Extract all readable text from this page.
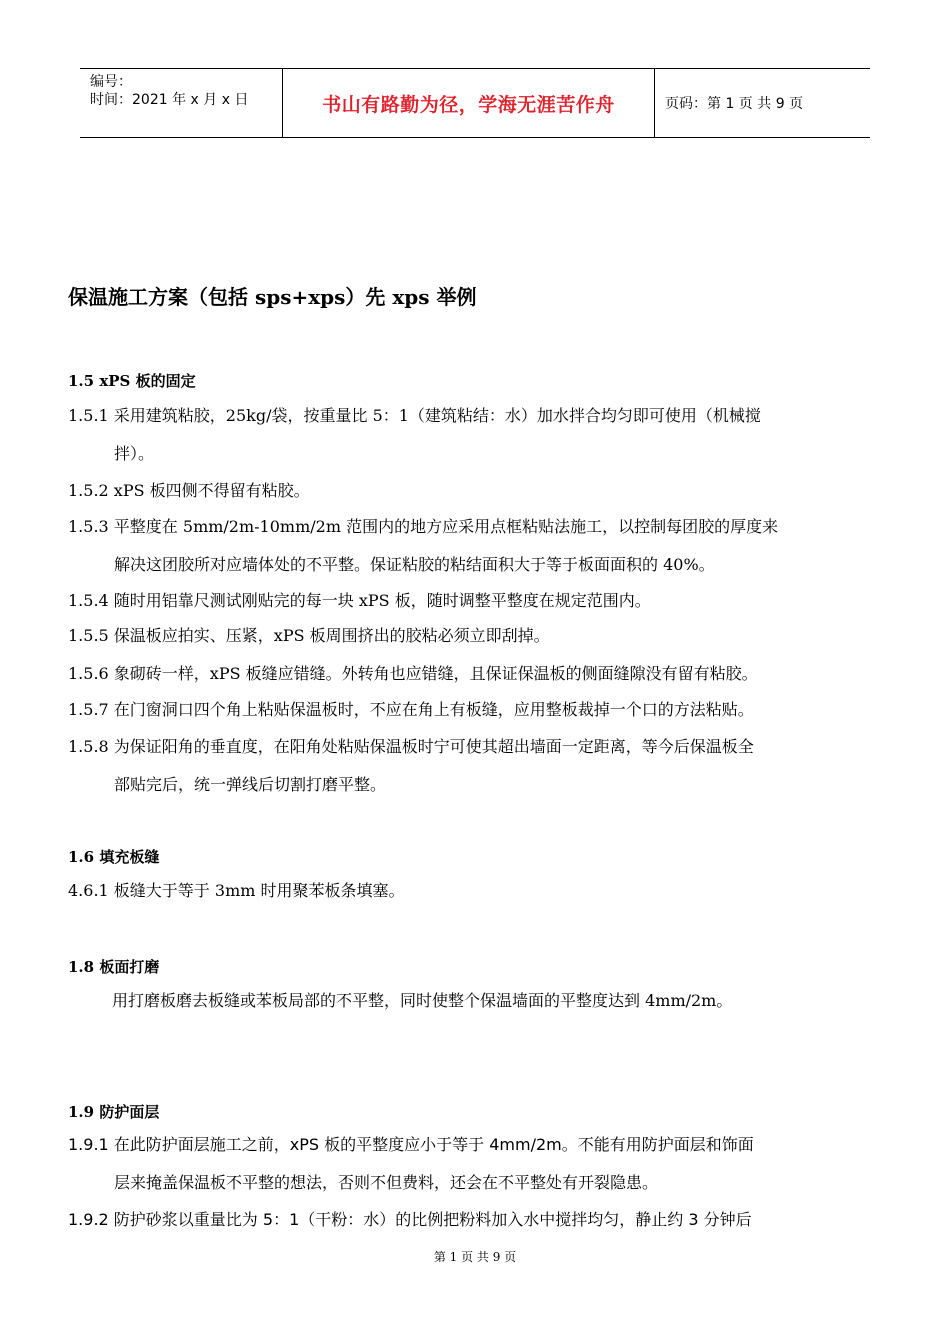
编号：
时间：2021 年 x 月 x 日	书山有路勤为径，学海无涯苦作舟	页码：第 1 页 共 9 页
保温施工方案（包括 sps+xps）先 xps 举例
1.5 xPS 板的固定
1.5.1 采用建筑粘胶，25kg/袋，按重量比 5：1（建筑粘结：水）加水拌合均匀即可使用（机械搅
拌）。
1.5.2 xPS 板四侧不得留有粘胶。
1.5.3 平整度在 5mm/2m-10mm/2m 范围内的地方应采用点框粘贴法施工，以控制每团胶的厚度来
解决这团胶所对应墙体处的不平整。保证粘胶的粘结面积大于等于板面面积的 40%。
1.5.4 随时用铝靠尺测试刚贴完的每一块 xPS 板，随时调整平整度在规定范围内。
1.5.5 保温板应拍实、压紧，xPS 板周围挤出的胶粘必须立即刮掉。
1.5.6 象砌砖一样，xPS 板缝应错缝。外转角也应错缝，且保证保温板的侧面缝隙没有留有粘胶。
1.5.7 在门窗洞口四个角上粘贴保温板时，不应在角上有板缝，应用整板裁掉一个口的方法粘贴。
1.5.8 为保证阳角的垂直度，在阳角处粘贴保温板时宁可使其超出墙面一定距离，等今后保温板全
部贴完后，统一弹线后切割打磨平整。
1.6 填充板缝
4.6.1 板缝大于等于 3mm 时用聚苯板条填塞。
1.8 板面打磨
用打磨板磨去板缝或苯板局部的不平整，同时使整个保温墙面的平整度达到 4mm/2m。
1.9 防护面层
1.9.1 在此防护面层施工之前，xPS 板的平整度应小于等于 4mm/2m。不能有用防护面层和饰面
层来掩盖保温板不平整的想法，否则不但费料，还会在不平整处有开裂隐患。
1.9.2 防护砂浆以重量比为 5：1（干粉：水）的比例把粉料加入水中搅拌均匀，静止约 3 分钟后
第 1 页 共 9 页
